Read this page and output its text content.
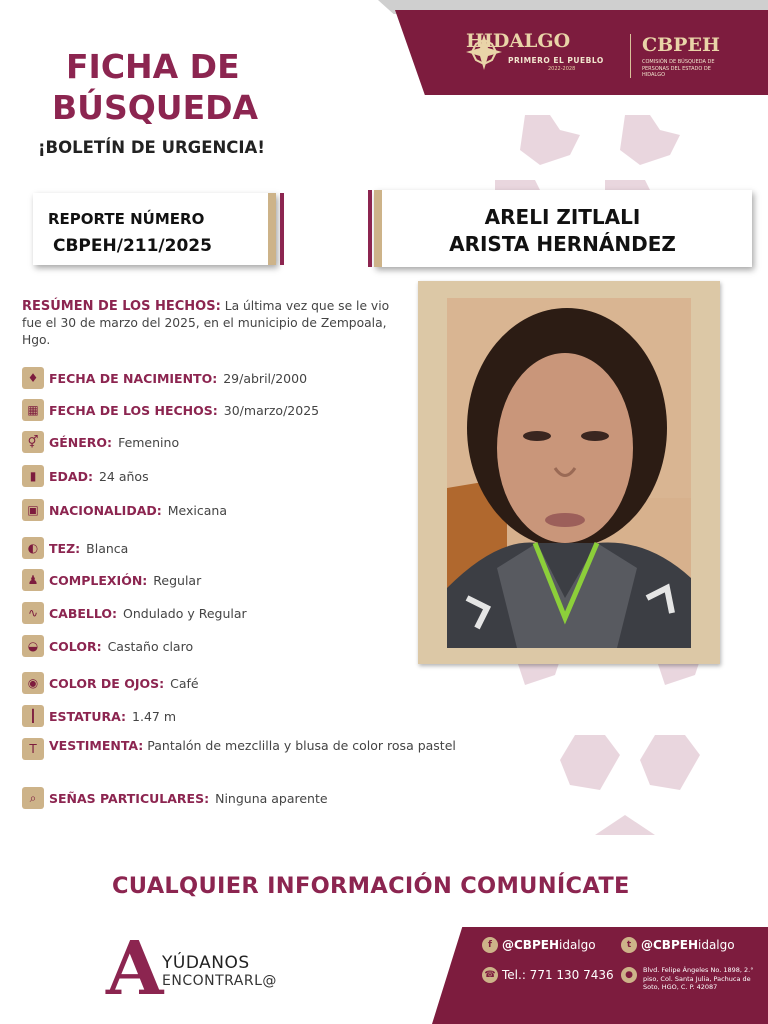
HIDALGO
PRIMERO EL PUEBLO
2022-2028
CBPEH
COMISIÓN DE BÚSQUEDA DE PERSONAS DEL ESTADO DE HIDALGO
FICHA DE
BÚSQUEDA
¡BOLETÍN DE URGENCIA!
REPORTE NÚMERO
CBPEH/211/2025
ARELI ZITLALI
ARISTA HERNÁNDEZ
RESÚMEN DE LOS HECHOS: La última vez que se le vio fue el 30 de marzo del 2025, en el municipio de Zempoala, Hgo.
♦ FECHA DE NACIMIENTO: 29/abril/2000
▦ FECHA DE LOS HECHOS: 30/marzo/2025
⚥ GÉNERO: Femenino
▮	EDAD: 24 años
▣ NACIONALIDAD: Mexicana
◐ TEZ: Blanca
♟ COMPLEXIÓN: Regular
∿ CABELLO: Ondulado y Regular
◒ COLOR: Castaño claro
◉ COLOR DE OJOS: Café
┃ ESTATURA: 1.47 m
T VESTIMENTA: Pantalón de mezclilla y blusa de color rosa pastel
⌕	SEÑAS PARTICULARES: Ninguna aparente
CUALQUIER INFORMACIÓN COMUNÍCATE
A
YÚDANOS
ENCONTRARL@
f @CBPEH idalgo	t @CBPEH idalgo
☎ Tel.: 771 130 7436	●	Blvd. Felipe Ángeles No. 1898, 2.° piso, Col. Santa Julia, Pachuca de Soto, HGO, C. P. 42087
